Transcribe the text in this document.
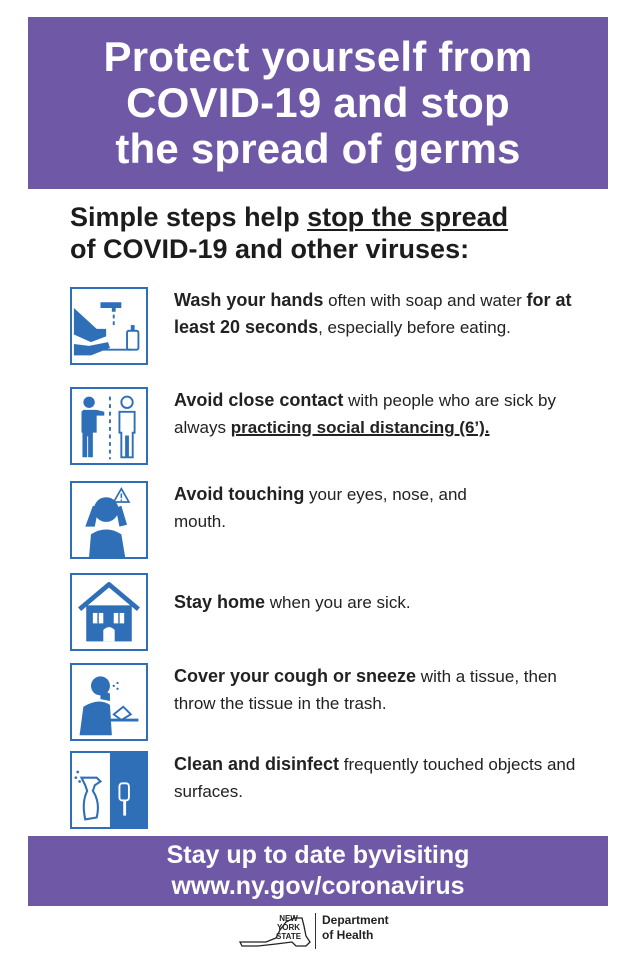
Protect yourself from
COVID-19 and stop
the spread of germs
Simple steps help stop the spread
of COVID-19 and other viruses:
Wash your hands often with soap and water for at least 20 seconds, especially before eating.
Avoid close contact with people who are sick by always practicing social distancing (6’).
Avoid touching your eyes, nose, and mouth.
Stay home when you are sick.
Cover your cough or sneeze with a tissue, then throw the tissue in the trash.
Clean and disinfect frequently touched objects and surfaces.
Stay up to date byvisiting
www.ny.gov/coronavirus
NEW
YORK
STATE
Department
of Health
